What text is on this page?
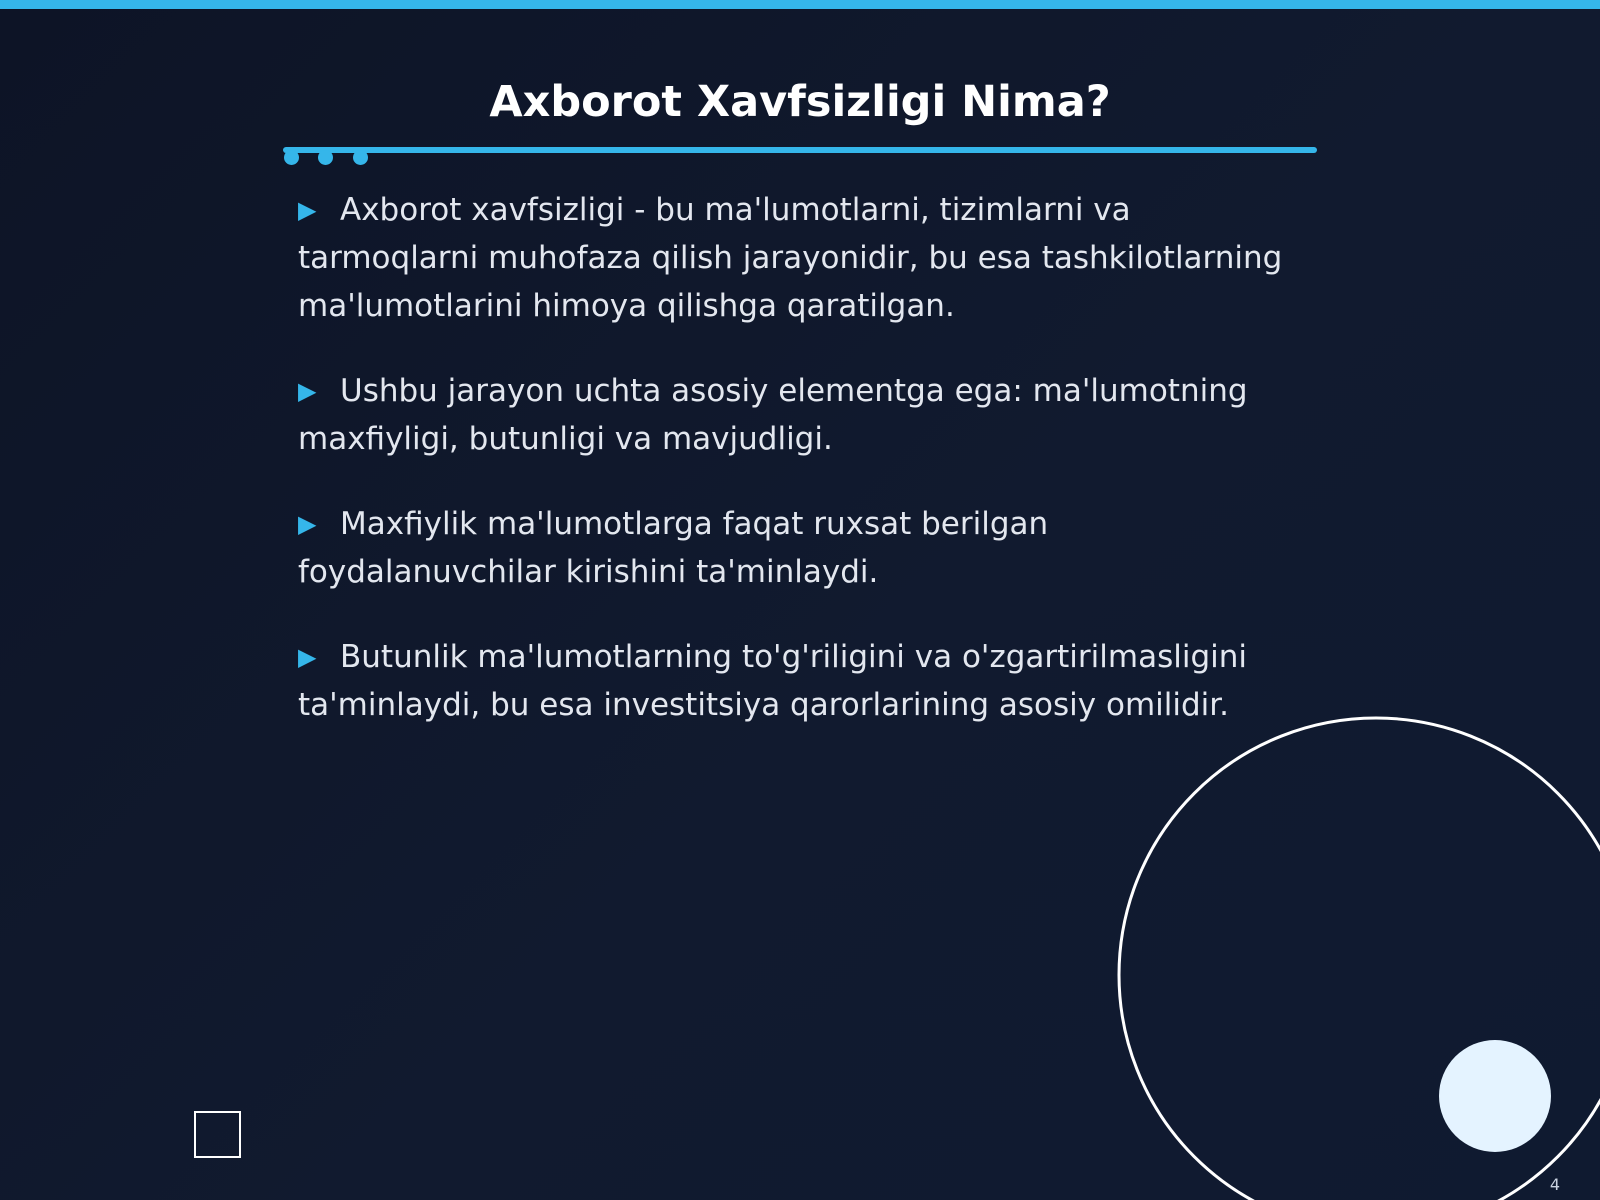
Axborot Xavfsizligi Nima?
▶ Axborot xavfsizligi - bu ma'lumotlarni, tizimlarni va tarmoqlarni muhofaza qilish jarayonidir, bu esa tashkilotlarning ma'lumotlarini himoya qilishga qaratilgan.
▶ Ushbu jarayon uchta asosiy elementga ega: ma'lumotning maxfiyligi, butunligi va mavjudligi.
▶ Maxfiylik ma'lumotlarga faqat ruxsat berilgan foydalanuvchilar kirishini ta'minlaydi.
▶ Butunlik ma'lumotlarning to'g'riligini va o'zgartirilmasligini ta'minlaydi, bu esa investitsiya qarorlarining asosiy omilidir.
4
